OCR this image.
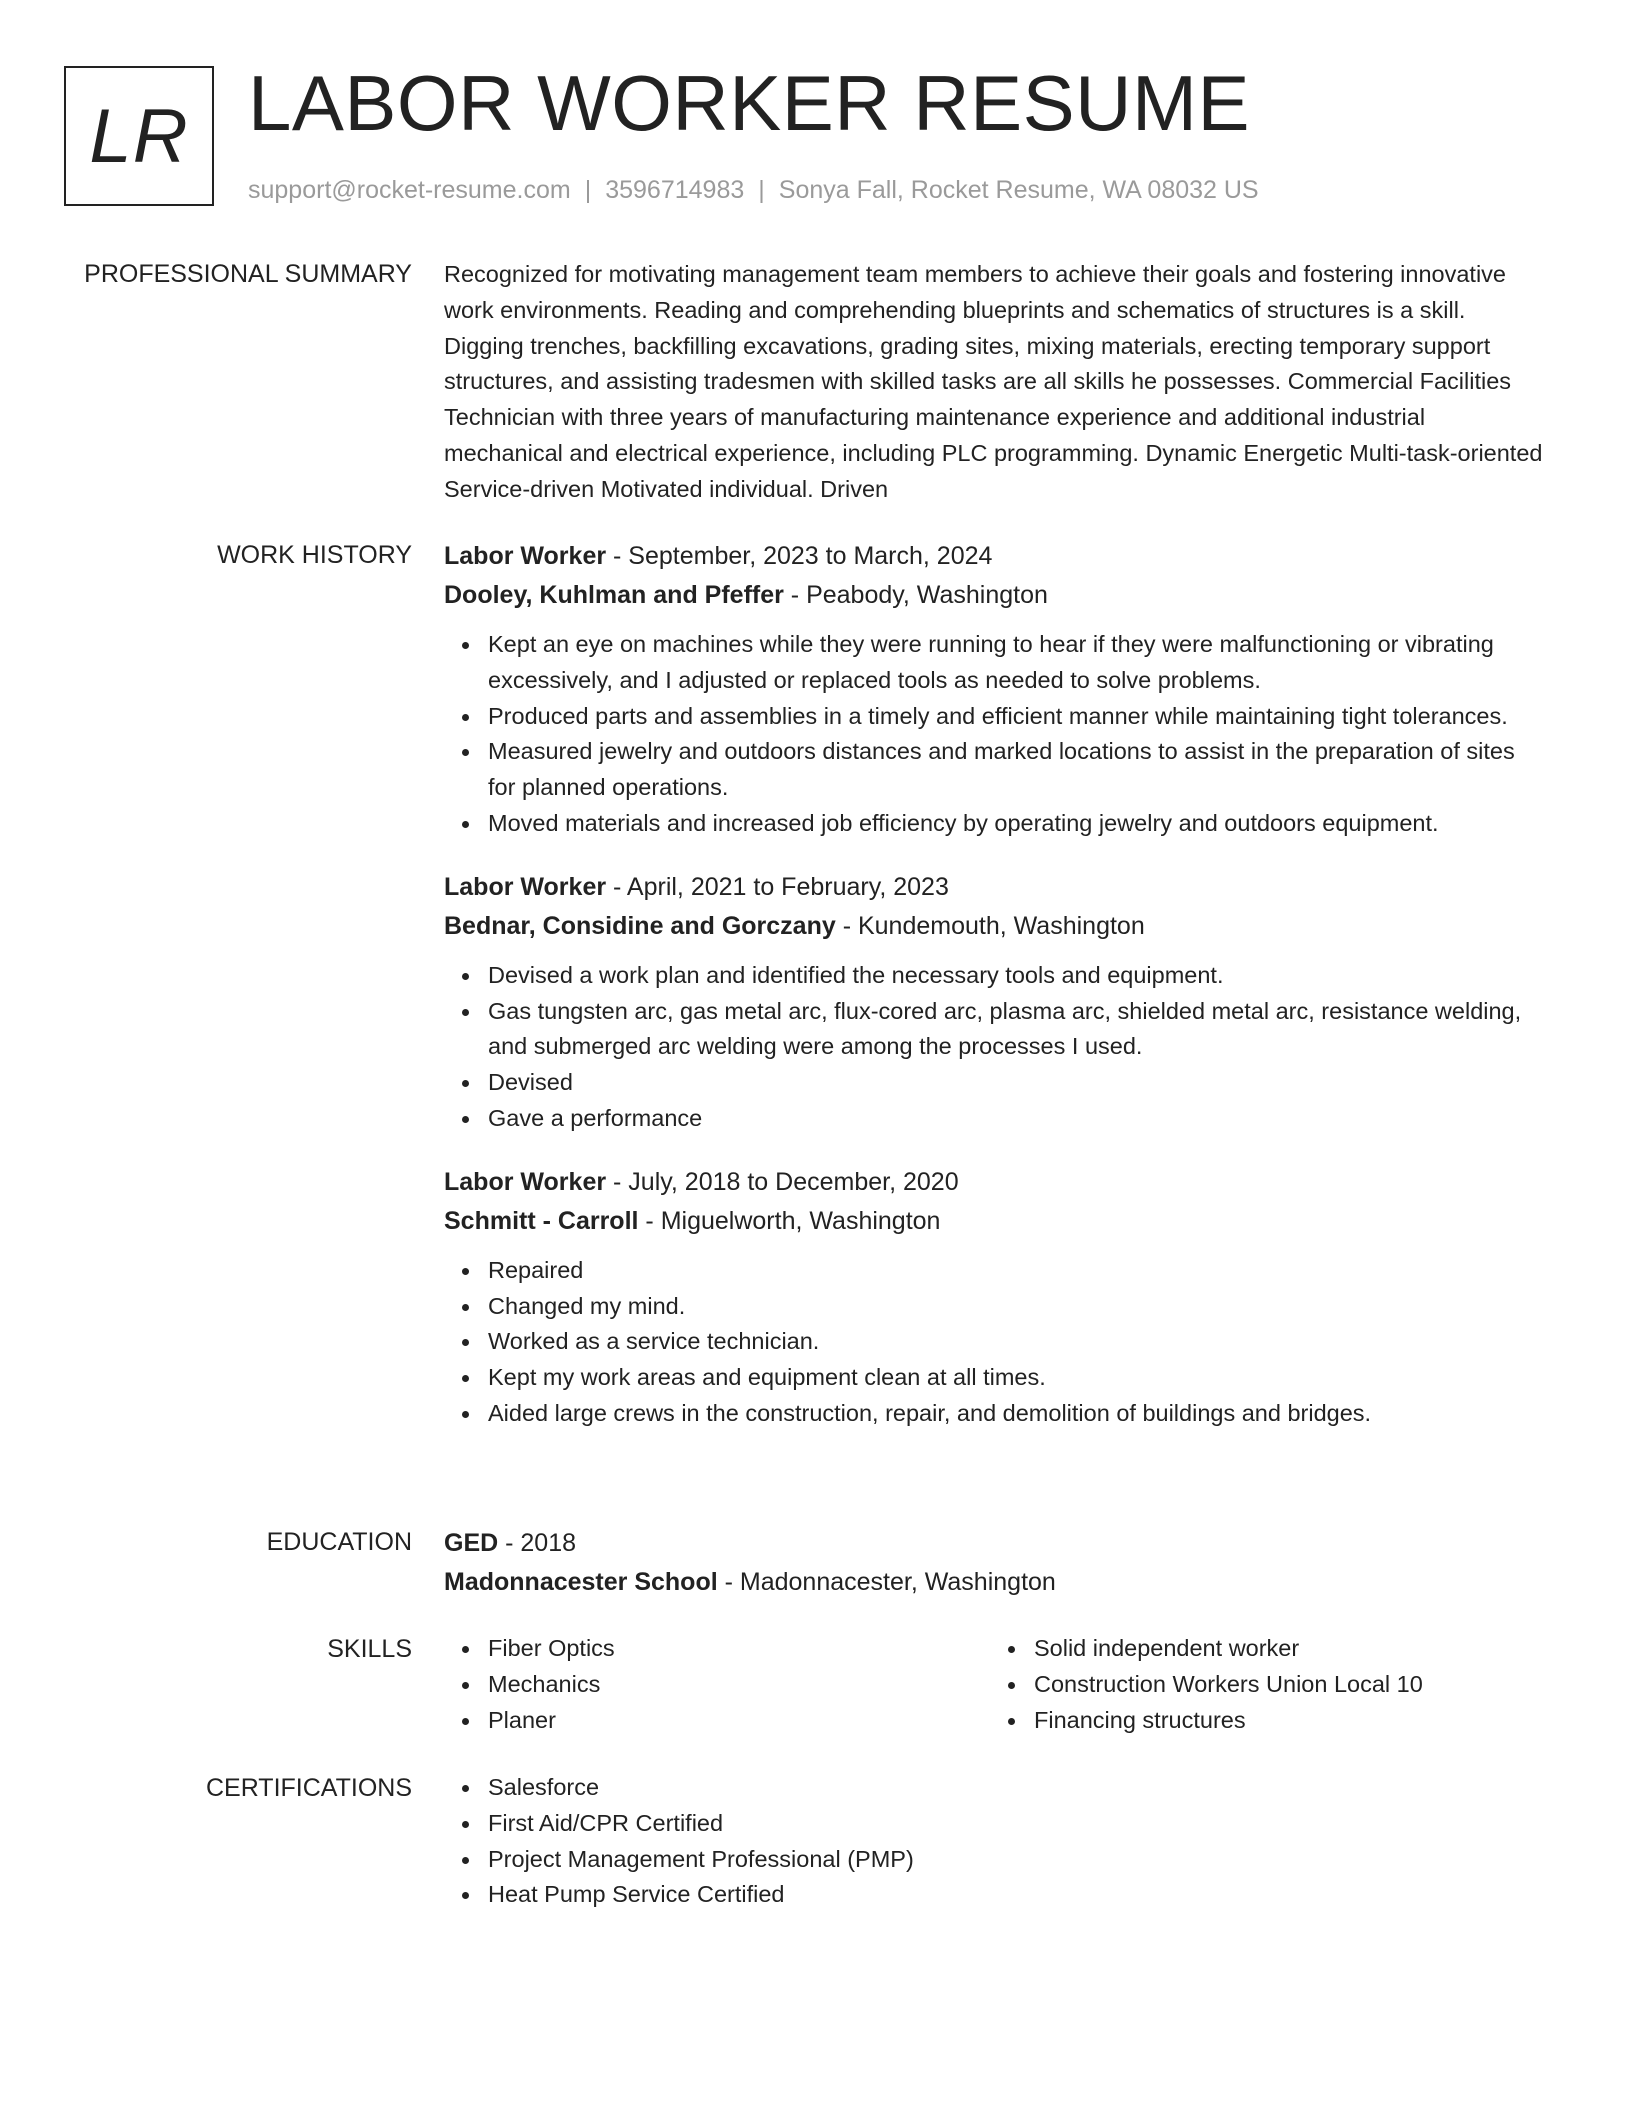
LR LABOR WORKER RESUME
support@rocket-resume.com | 3596714983 | Sonya Fall, Rocket Resume, WA 08032 US
PROFESSIONAL SUMMARY Recognized for motivating management team members to achieve their goals and fostering innovative work environments. Reading and comprehending blueprints and schematics of structures is a skill. Digging trenches, backfilling excavations, grading sites, mixing materials, erecting temporary support structures, and assisting tradesmen with skilled tasks are all skills he possesses. Commercial Facilities Technician with three years of manufacturing maintenance experience and additional industrial mechanical and electrical experience, including PLC programming. Dynamic Energetic Multi-task-oriented Service-driven Motivated individual. Driven

WORK HISTORY Labor Worker - September, 2023 to March, 2024
Dooley, Kuhlman and Pfeffer - Peabody, Washington
Kept an eye on machines while they were running to hear if they were malfunctioning or vibrating excessively, and I adjusted or replaced tools as needed to solve problems.
Produced parts and assemblies in a timely and efficient manner while maintaining tight tolerances.
Measured jewelry and outdoors distances and marked locations to assist in the preparation of sites for planned operations.
Moved materials and increased job efficiency by operating jewelry and outdoors equipment.
Labor Worker - April, 2021 to February, 2023
Bednar, Considine and Gorczany - Kundemouth, Washington
Devised a work plan and identified the necessary tools and equipment.
Gas tungsten arc, gas metal arc, flux-cored arc, plasma arc, shielded metal arc, resistance welding, and submerged arc welding were among the processes I used.
Devised
Gave a performance
Labor Worker - July, 2018 to December, 2020
Schmitt - Carroll - Miguelworth, Washington
Repaired
Changed my mind.
Worked as a service technician.
Kept my work areas and equipment clean at all times.
Aided large crews in the construction, repair, and demolition of buildings and bridges.
EDUCATION GED - 2018
Madonnacester School - Madonnacester, Washington
SKILLS	Fiber Optics
Mechanics
Planer
Solid independent worker
Construction Workers Union Local 10
Financing structures
CERTIFICATIONS	Salesforce
First Aid/CPR Certified
Project Management Professional (PMP)
Heat Pump Service Certified
